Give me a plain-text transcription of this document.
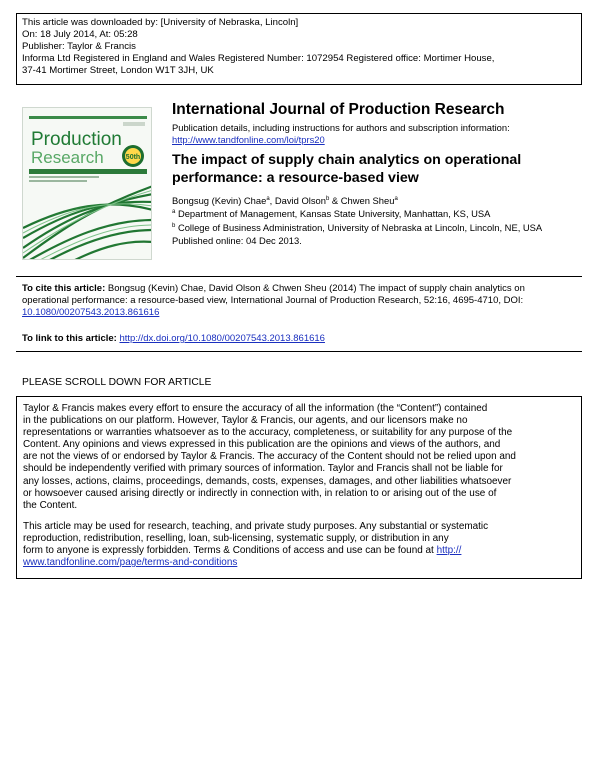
This article was downloaded by: [University of Nebraska, Lincoln]
On: 18 July 2014, At: 05:28
Publisher: Taylor & Francis
Informa Ltd Registered in England and Wales Registered Number: 1072954 Registered office: Mortimer House,
37-41 Mortimer Street, London W1T 3JH, UK
50th
Production
Research
International Journal of Production Research
Publication details, including instructions for authors and subscription information:
http://www.tandfonline.com/loi/tprs20
The impact of supply chain analytics on operational
performance: a resource-based view
Bongsug (Kevin) Chae$^a$, David Olson$^b$ & Chwen Sheu$^a$
$^a$ Department of Management, Kansas State University, Manhattan, KS, USA
$^b$ College of Business Administration, University of Nebraska at Lincoln, Lincoln, NE, USA
Published online: 04 Dec 2013.
To cite this article: Bongsug (Kevin) Chae, David Olson & Chwen Sheu (2014) The impact of supply chain analytics on
operational performance: a resource-based view, International Journal of Production Research, 52:16, 4695-4710, DOI:
10.1080/00207543.2013.861616
To link to this article: http://dx.doi.org/10.1080/00207543.2013.861616
PLEASE SCROLL DOWN FOR ARTICLE
Taylor & Francis makes every effort to ensure the accuracy of all the information (the “Content”) contained
in the publications on our platform. However, Taylor & Francis, our agents, and our licensors make no
representations or warranties whatsoever as to the accuracy, completeness, or suitability for any purpose of the
Content. Any opinions and views expressed in this publication are the opinions and views of the authors, and
are not the views of or endorsed by Taylor & Francis. The accuracy of the Content should not be relied upon and
should be independently verified with primary sources of information. Taylor and Francis shall not be liable for
any losses, actions, claims, proceedings, demands, costs, expenses, damages, and other liabilities whatsoever
or howsoever caused arising directly or indirectly in connection with, in relation to or arising out of the use of
the Content.
This article may be used for research, teaching, and private study purposes. Any substantial or systematic
reproduction, redistribution, reselling, loan, sub-licensing, systematic supply, or distribution in any
form to anyone is expressly forbidden. Terms & Conditions of access and use can be found at http://
www.tandfonline.com/page/terms-and-conditions
